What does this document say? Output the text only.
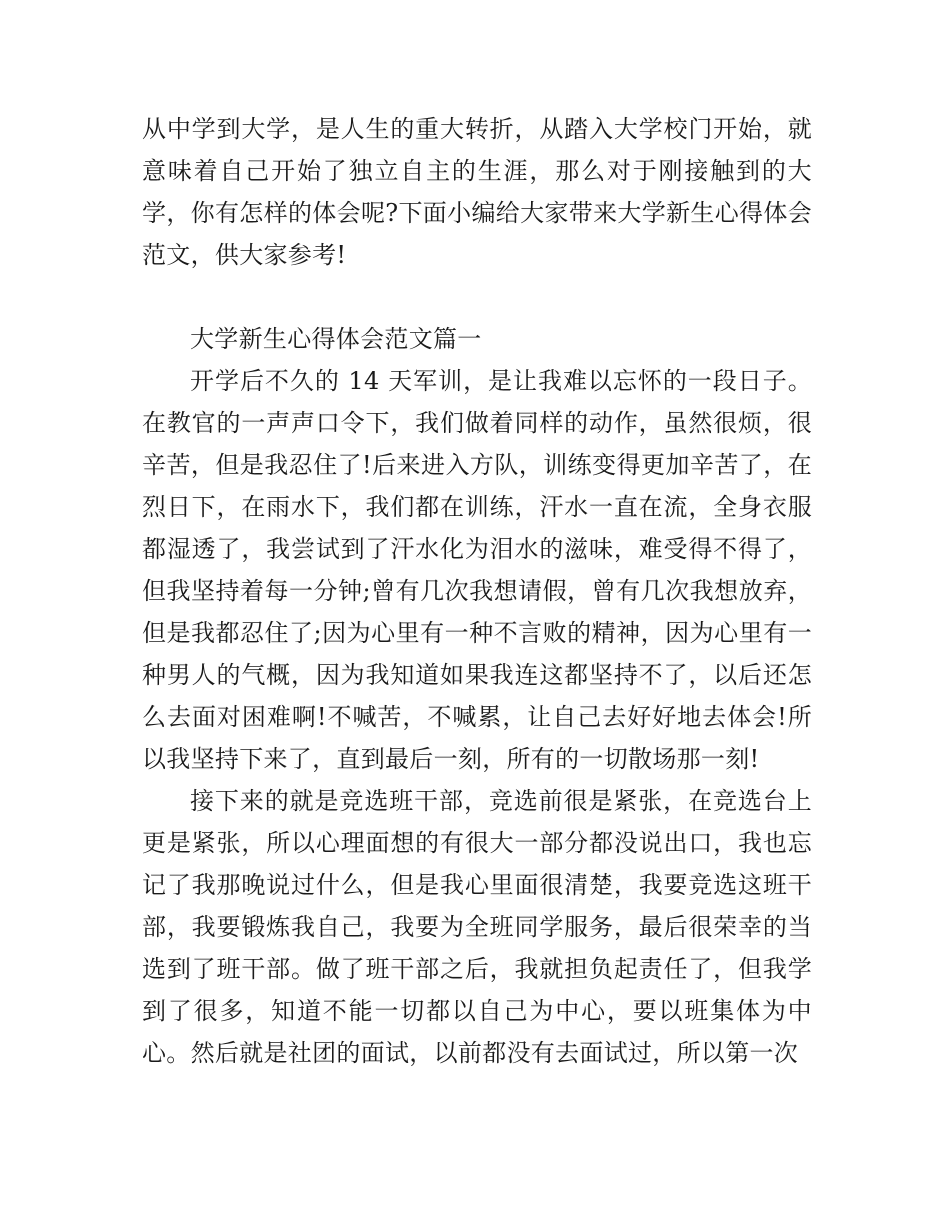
从中学到大学，是人生的重大转折，从踏入大学校门开始，就意味着自己开始了独立自主的生涯，那么对于刚接触到的大学，你有怎样的体会呢?下面小编给大家带来大学新生心得体会范文，供大家参考!

大学新生心得体会范文篇一

开学后不久的 14 天军训，是让我难以忘怀的一段日子。在教官的一声声口令下，我们做着同样的动作，虽然很烦，很辛苦，但是我忍住了!后来进入方队，训练变得更加辛苦了，在烈日下，在雨水下，我们都在训练，汗水一直在流，全身衣服都湿透了，我尝试到了汗水化为泪水的滋味，难受得不得了，但我坚持着每一分钟;曾有几次我想请假，曾有几次我想放弃，但是我都忍住了;因为心里有一种不言败的精神，因为心里有一种男人的气概，因为我知道如果我连这都坚持不了，以后还怎么去面对困难啊!不喊苦，不喊累，让自己去好好地去体会!所以我坚持下来了，直到最后一刻，所有的一切散场那一刻!

接下来的就是竞选班干部，竞选前很是紧张，在竞选台上更是紧张，所以心理面想的有很大一部分都没说出口，我也忘记了我那晚说过什么，但是我心里面很清楚，我要竞选这班干部，我要锻炼我自己，我要为全班同学服务，最后很荣幸的当选到了班干部。做了班干部之后，我就担负起责任了，但我学到了很多，知道不能一切都以自己为中心，要以班集体为中心。然后就是社团的面试，以前都没有去面试过，所以第一次
